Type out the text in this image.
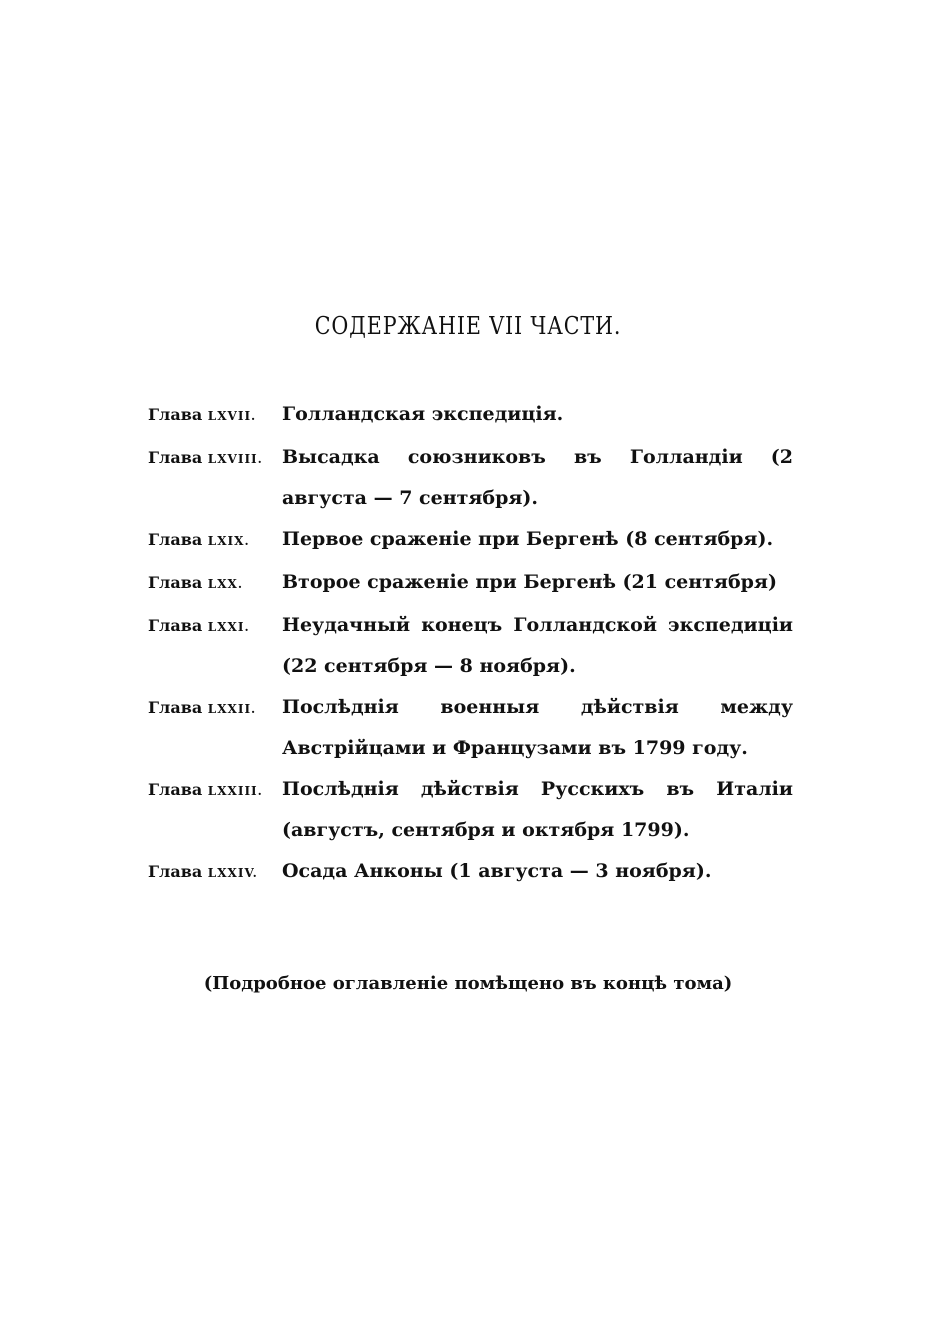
СОДЕРЖАНІЕ VII ЧАСТИ.
Глава LXVII.	Голландская экспедиція.
Глава LXVIII.	Высадка союзниковъ въ Голландіи (2 августа — 7 сентября).
Глава LXIX.	Первое сраженіе при Бергенѣ (8 сентября).
Глава LXX.	Второе сраженіе при Бергенѣ (21 сентября)
Глава LXXI.	Неудачный конецъ Голландской экспедиціи (22 сентября — 8 ноября).
Глава LXXII.	Послѣднія военныя дѣйствія между Австрійцами и Французами въ 1799 году.
Глава LXXIII.	Послѣднія дѣйствія Русскихъ въ Италіи (августъ, сентября и октября 1799).
Глава LXXIV.	Осада Анконы (1 августа — 3 ноября).
(Подробное оглавленіе помѣщено въ концѣ тома)
